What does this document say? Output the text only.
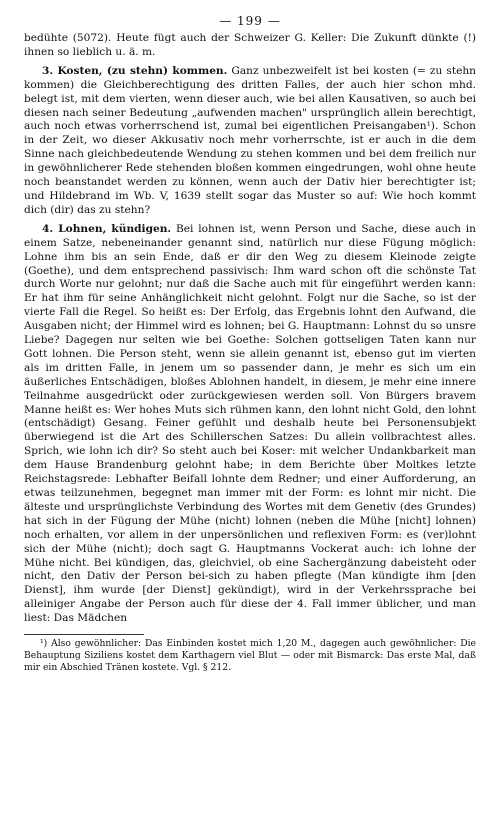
— 199 —

bedühte (5072). Heute fügt auch der Schweizer G. Keller: Die Zukunft dünkte (!) ihnen so lieblich u. ä. m.

3. Kosten, (zu stehn) kommen. Ganz unbezweifelt ist bei kosten (= zu stehn kommen) die Gleichberechtigung des dritten Falles, der auch hier schon mhd. belegt ist, mit dem vierten, wenn dieser auch, wie bei allen Kausativen, so auch bei diesen nach seiner Bedeutung „aufwenden machen" ursprünglich allein berechtigt, auch noch etwas vorherrschend ist, zumal bei eigentlichen Preisangaben¹). Schon in der Zeit, wo dieser Akkusativ noch mehr vorherrschte, ist er auch in die dem Sinne nach gleichbedeutende Wendung zu stehen kommen und bei dem freilich nur in gewöhnlicherer Rede stehenden bloßen kommen eingedrungen, wohl ohne heute noch beanstandet werden zu können, wenn auch der Dativ hier berechtigter ist; und Hildebrand im Wb. V, 1639 stellt sogar das Muster so auf: Wie hoch kommt dich (dir) das zu stehn?

4. Lohnen, kündigen. Bei lohnen ist, wenn Person und Sache, diese auch in einem Satze, nebeneinander genannt sind, natürlich nur diese Fügung möglich: Lohne ihm bis an sein Ende, daß er dir den Weg zu diesem Kleinode zeigte (Goethe), und dem entsprechend passivisch: Ihm ward schon oft die schönste Tat durch Worte nur gelohnt; nur daß die Sache auch mit für eingeführt werden kann: Er hat ihm für seine Anhänglichkeit nicht gelohnt. Folgt nur die Sache, so ist der vierte Fall die Regel. So heißt es: Der Erfolg, das Ergebnis lohnt den Aufwand, die Ausgaben nicht; der Himmel wird es lohnen; bei G. Hauptmann: Lohnst du so unsre Liebe? Dagegen nur selten wie bei Goethe: Solchen gottseligen Taten kann nur Gott lohnen. Die Person steht, wenn sie allein genannt ist, ebenso gut im vierten als im dritten Falle, in jenem um so passender dann, je mehr es sich um ein äußerliches Entschädigen, bloßes Ablohnen handelt, in diesem, je mehr eine innere Teilnahme ausgedrückt oder zurückgewiesen werden soll. Von Bürgers bravem Manne heißt es: Wer hohes Muts sich rühmen kann, den lohnt nicht Gold, den lohnt (entschädigt) Gesang. Feiner gefühlt und deshalb heute bei Personensubjekt überwiegend ist die Art des Schillerschen Satzes: Du allein vollbrachtest alles. Sprich, wie lohn ich dir? So steht auch bei Koser: mit welcher Undankbarkeit man dem Hause Brandenburg gelohnt habe; in dem Berichte über Moltkes letzte Reichstagsrede: Lebhafter Beifall lohnte dem Redner; und einer Aufforderung, an etwas teilzunehmen, begegnet man immer mit der Form: es lohnt mir nicht. Die älteste und ursprünglichste Verbindung des Wortes mit dem Genetiv (des Grundes) hat sich in der Fügung der Mühe (nicht) lohnen (neben die Mühe [nicht] lohnen) noch erhalten, vor allem in der unpersönlichen und reflexiven Form: es (ver)lohnt sich der Mühe (nicht); doch sagt G. Hauptmanns Vockerat auch: ich lohne der Mühe nicht. Bei kündigen, das, gleichviel, ob eine Sachergänzung dabeisteht oder nicht, den Dativ der Person bei-sich zu haben pflegte (Man kündigte ihm [den Dienst], ihm wurde [der Dienst] gekündigt), wird in der Verkehrssprache bei alleiniger Angabe der Person auch für diese der 4. Fall immer üblicher, und man liest: Das Mädchen

¹) Also gewöhnlicher: Das Einbinden kostet mich 1,20 M., dagegen auch gewöhnlicher: Die Behauptung Siziliens kostet dem Karthagern viel Blut — oder mit Bismarck: Das erste Mal, daß mir ein Abschied Tränen kostete. Vgl. § 212.
